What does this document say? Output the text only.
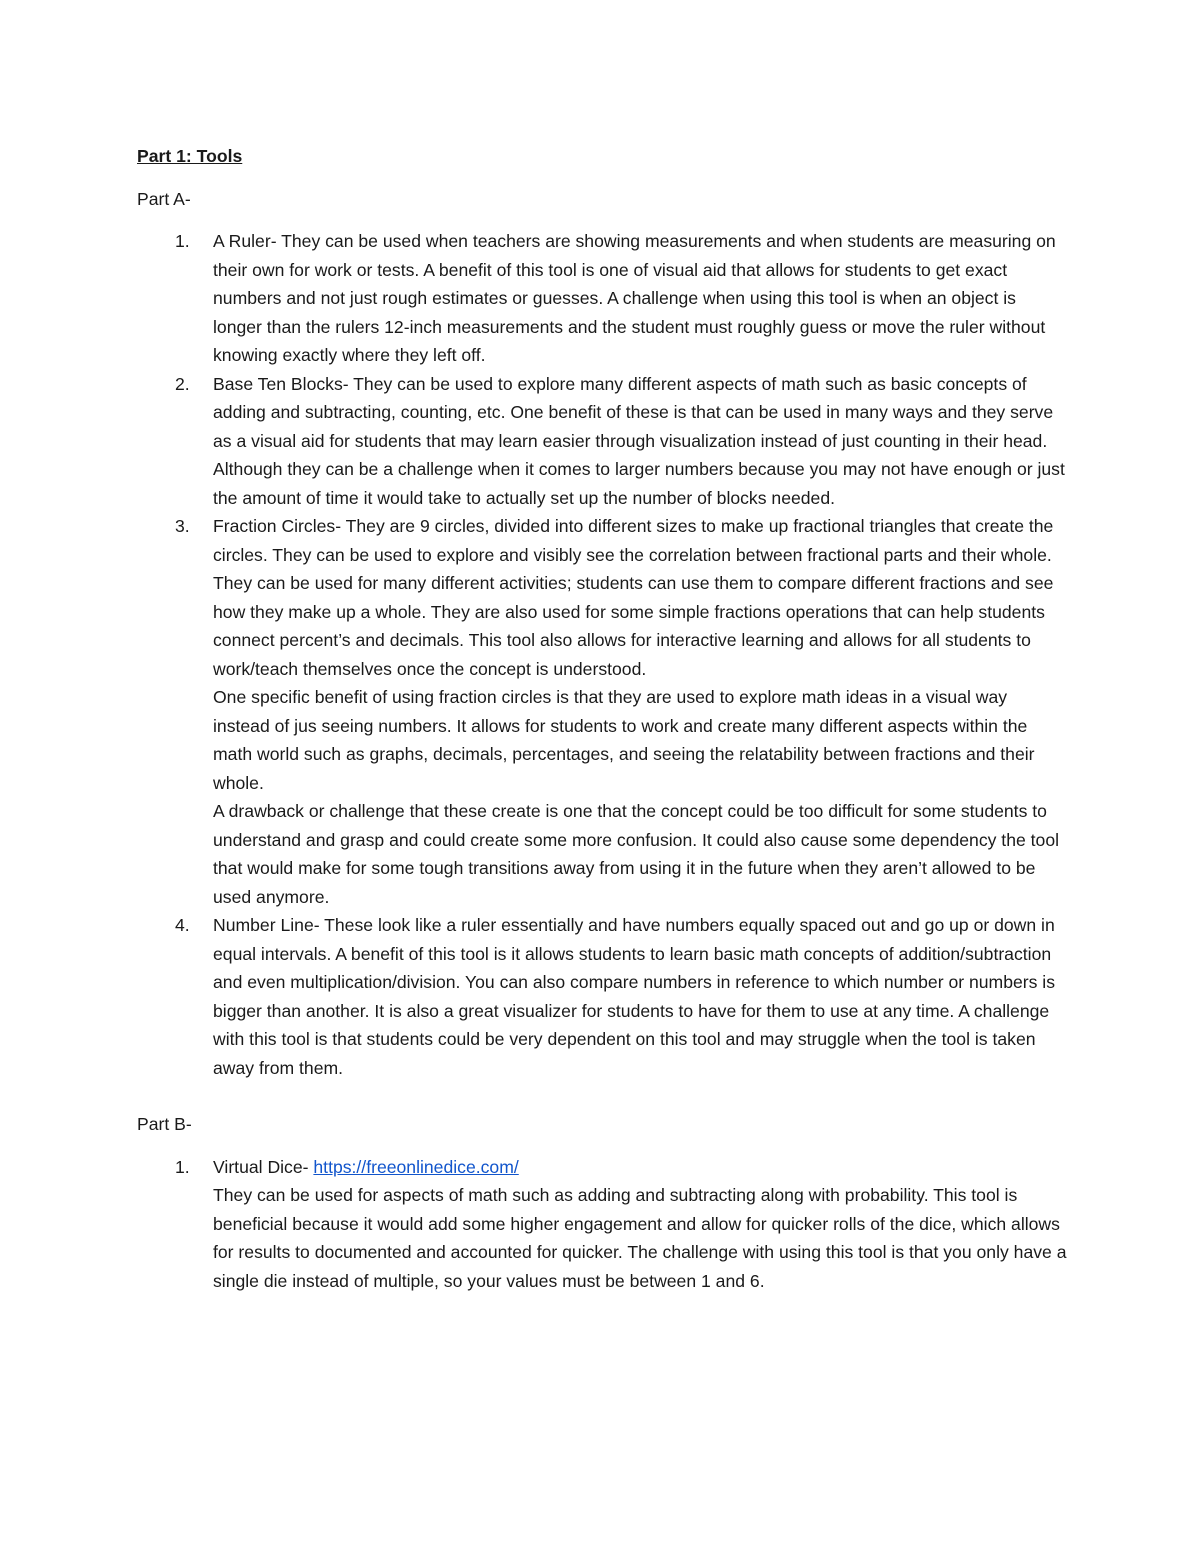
Part 1: Tools
Part A-
1. A Ruler- They can be used when teachers are showing measurements and when students are measuring on their own for work or tests. A benefit of this tool is one of visual aid that allows for students to get exact numbers and not just rough estimates or guesses. A challenge when using this tool is when an object is longer than the rulers 12-inch measurements and the student must roughly guess or move the ruler without knowing exactly where they left off.

2. Base Ten Blocks- They can be used to explore many different aspects of math such as basic concepts of adding and subtracting, counting, etc. One benefit of these is that can be used in many ways and they serve as a visual aid for students that may learn easier through visualization instead of just counting in their head. Although they can be a challenge when it comes to larger numbers because you may not have enough or just the amount of time it would take to actually set up the number of blocks needed.

3. Fraction Circles- They are 9 circles, divided into different sizes to make up fractional triangles that create the circles. They can be used to explore and visibly see the correlation between fractional parts and their whole. They can be used for many different activities; students can use them to compare different fractions and see how they make up a whole. They are also used for some simple fractions operations that can help students connect percent’s and decimals. This tool also allows for interactive learning and allows for all students to work/teach themselves once the concept is understood.

One specific benefit of using fraction circles is that they are used to explore math ideas in a visual way instead of jus seeing numbers. It allows for students to work and create many different aspects within the math world such as graphs, decimals, percentages, and seeing the relatability between fractions and their whole.

A drawback or challenge that these create is one that the concept could be too difficult for some students to understand and grasp and could create some more confusion. It could also cause some dependency the tool that would make for some tough transitions away from using it in the future when they aren’t allowed to be used anymore.

4. Number Line- These look like a ruler essentially and have numbers equally spaced out and go up or down in equal intervals. A benefit of this tool is it allows students to learn basic math concepts of addition/subtraction and even multiplication/division. You can also compare numbers in reference to which number or numbers is bigger than another. It is also a great visualizer for students to have for them to use at any time. A challenge with this tool is that students could be very dependent on this tool and may struggle when the tool is taken away from them.

Part B-
1. Virtual Dice- https://freeonlinedice.com/

They can be used for aspects of math such as adding and subtracting along with probability. This tool is beneficial because it would add some higher engagement and allow for quicker rolls of the dice, which allows for results to documented and accounted for quicker. The challenge with using this tool is that you only have a single die instead of multiple, so your values must be between 1 and 6.
